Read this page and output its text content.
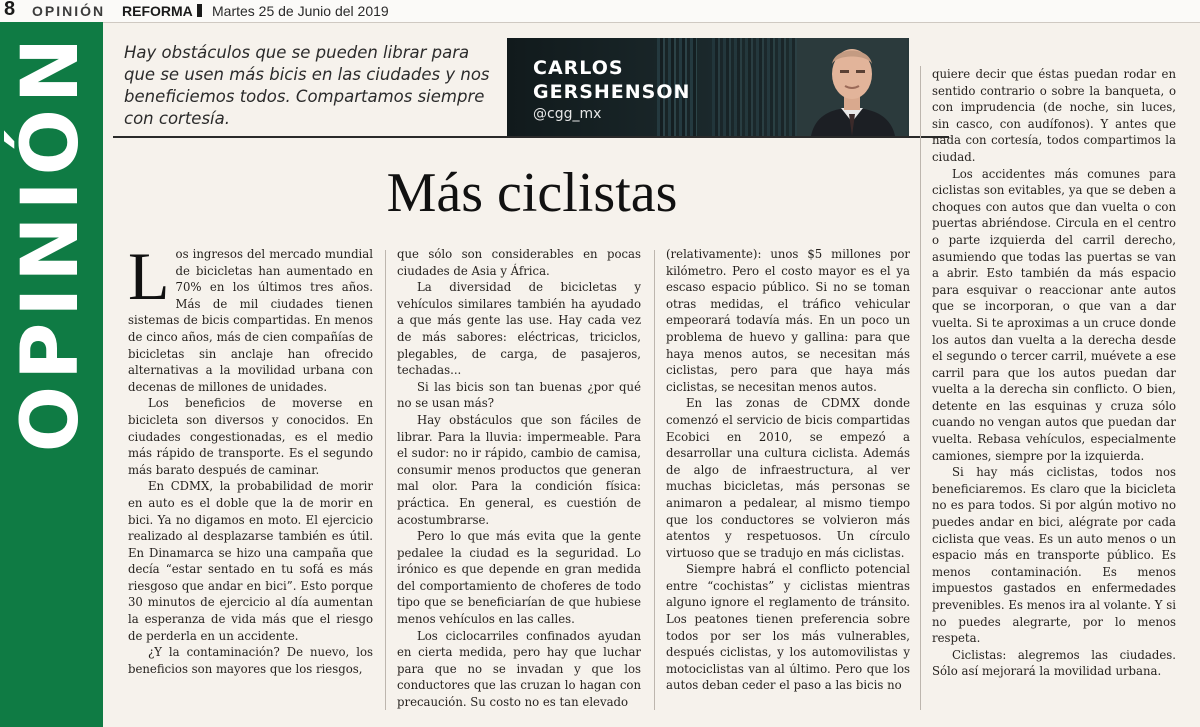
8 OPINIÓN REFORMA Martes 25 de Junio del 2019
OPINIÓN Hay obstáculos que se pueden librar para que se usen más bicis en las ciudades y nos beneficiemos todos. Compartamos siempre con cortesía.

CARLOS
GERSHENSON
@cgg_mx
Más ciclistas

Los ingresos del mercado mundial de bicicletas han aumentado en 70% en los últimos tres años. Más de mil ciudades tienen sistemas de bicis compartidas. En menos de cinco años, más de cien compañías de bicicletas sin anclaje han ofrecido alternativas a la movilidad urbana con decenas de millones de unidades.

Los beneficios de moverse en bicicleta son diversos y conocidos. En ciudades congestionadas, es el medio más rápido de transporte. Es el segundo más barato después de caminar.

En CDMX, la probabilidad de morir en auto es el doble que la de morir en bici. Ya no digamos en moto. El ejercicio realizado al desplazarse también es útil. En Dinamarca se hizo una campaña que decía “estar sentado en tu sofá es más riesgoso que andar en bici”. Esto porque 30 minutos de ejercicio al día aumentan la esperanza de vida más que el riesgo de perderla en un accidente.

¿Y la contaminación? De nuevo, los beneficios son mayores que los riesgos,

que sólo son considerables en pocas ciudades de Asia y África.

La diversidad de bicicletas y vehículos similares también ha ayudado a que más gente las use. Hay cada vez de más sabores: eléctricas, triciclos, plegables, de carga, de pasajeros, techadas...

Si las bicis son tan buenas ¿por qué no se usan más?

Hay obstáculos que son fáciles de librar. Para la lluvia: impermeable. Para el sudor: no ir rápido, cambio de camisa, consumir menos productos que generan mal olor. Para la condición física: práctica. En general, es cuestión de acostumbrarse.

Pero lo que más evita que la gente pedalee la ciudad es la seguridad. Lo irónico es que depende en gran medida del comportamiento de choferes de todo tipo que se beneficiarían de que hubiese menos vehículos en las calles.

Los ciclocarriles confinados ayudan en cierta medida, pero hay que luchar para que no se invadan y que los conductores que las cruzan lo hagan con precaución. Su costo no es tan elevado

(relativamente): unos $5 millones por kilómetro. Pero el costo mayor es el ya escaso espacio público. Si no se toman otras medidas, el tráfico vehicular empeorará todavía más. En un poco un problema de huevo y gallina: para que haya menos autos, se necesitan más ciclistas, pero para que haya más ciclistas, se necesitan menos autos.

En las zonas de CDMX donde comenzó el servicio de bicis compartidas Ecobici en 2010, se empezó a desarrollar una cultura ciclista. Además de algo de infraestructura, al ver muchas bicicletas, más personas se animaron a pedalear, al mismo tiempo que los conductores se volvieron más atentos y respetuosos. Un círculo virtuoso que se tradujo en más ciclistas.

Siempre habrá el conflicto potencial entre “cochistas” y ciclistas mientras alguno ignore el reglamento de tránsito. Los peatones tienen preferencia sobre todos por ser los más vulnerables, después ciclistas, y los automovilistas y motociclistas van al último. Pero que los autos deban ceder el paso a las bicis no

quiere decir que éstas puedan rodar en sentido contrario o sobre la banqueta, o con imprudencia (de noche, sin luces, sin casco, con audífonos). Y antes que nada con cortesía, todos compartimos la ciudad.

Los accidentes más comunes para ciclistas son evitables, ya que se deben a choques con autos que dan vuelta o con puertas abriéndose. Circula en el centro o parte izquierda del carril derecho, asumiendo que todas las puertas se van a abrir. Esto también da más espacio para esquivar o reaccionar ante autos que se incorporan, o que van a dar vuelta. Si te aproximas a un cruce donde los autos dan vuelta a la derecha desde el segundo o tercer carril, muévete a ese carril para que los autos puedan dar vuelta a la derecha sin conflicto. O bien, detente en las esquinas y cruza sólo cuando no vengan autos que puedan dar vuelta. Rebasa vehículos, especialmente camiones, siempre por la izquierda.

Si hay más ciclistas, todos nos beneficiaremos. Es claro que la bicicleta no es para todos. Si por algún motivo no puedes andar en bici, alégrate por cada ciclista que veas. Es un auto menos o un espacio más en transporte público. Es menos contaminación. Es menos impuestos gastados en enfermedades prevenibles. Es menos ira al volante. Y si no puedes alegrarte, por lo menos respeta.

Ciclistas: alegremos las ciudades. Sólo así mejorará la movilidad urbana.
